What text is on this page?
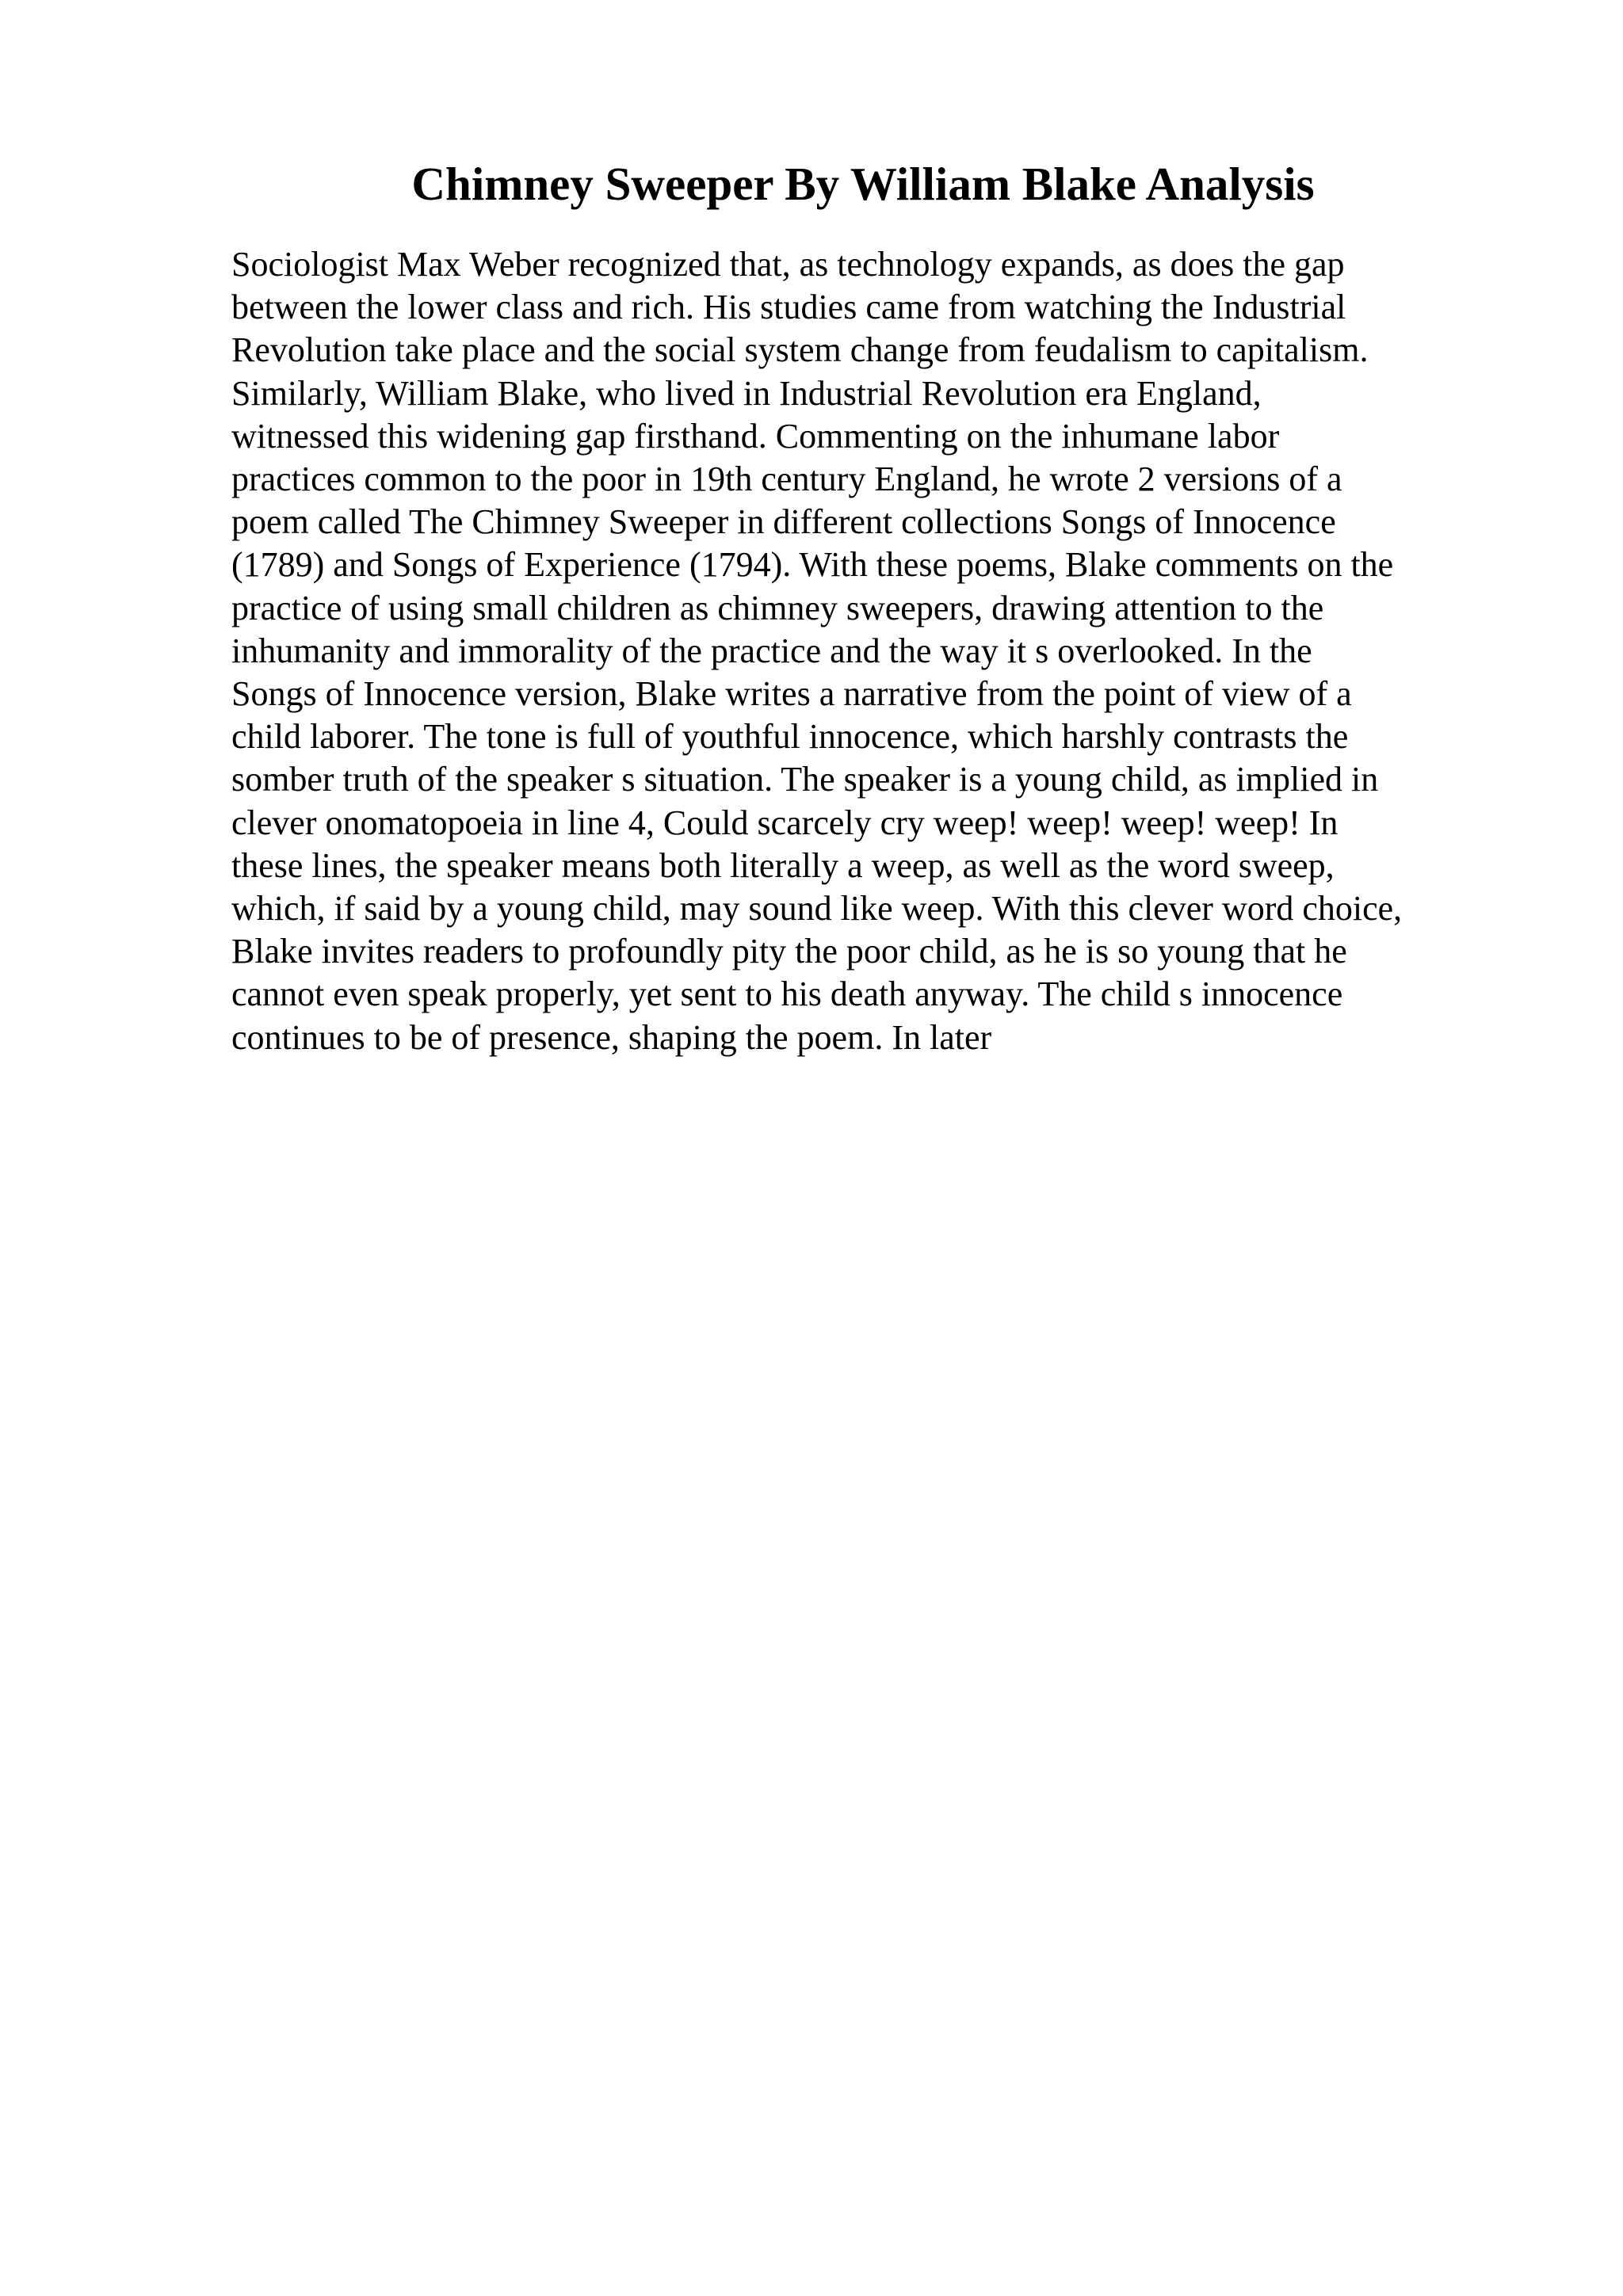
Chimney Sweeper By William Blake Analysis
Sociologist Max Weber recognized that, as technology expands, as does the gap
between the lower class and rich. His studies came from watching the Industrial
Revolution take place and the social system change from feudalism to capitalism.
Similarly, William Blake, who lived in Industrial Revolution era England,
witnessed this widening gap firsthand. Commenting on the inhumane labor
practices common to the poor in 19th century England, he wrote 2 versions of a
poem called The Chimney Sweeper in different collections Songs of Innocence
(1789) and Songs of Experience (1794). With these poems, Blake comments on the
practice of using small children as chimney sweepers, drawing attention to the
inhumanity and immorality of the practice and the way it s overlooked. In the
Songs of Innocence version, Blake writes a narrative from the point of view of a
child laborer. The tone is full of youthful innocence, which harshly contrasts the
somber truth of the speaker s situation. The speaker is a young child, as implied in
clever onomatopoeia in line 4, Could scarcely cry weep! weep! weep! weep! In
these lines, the speaker means both literally a weep, as well as the word sweep,
which, if said by a young child, may sound like weep. With this clever word choice,
Blake invites readers to profoundly pity the poor child, as he is so young that he
cannot even speak properly, yet sent to his death anyway. The child s innocence
continues to be of presence, shaping the poem. In later
